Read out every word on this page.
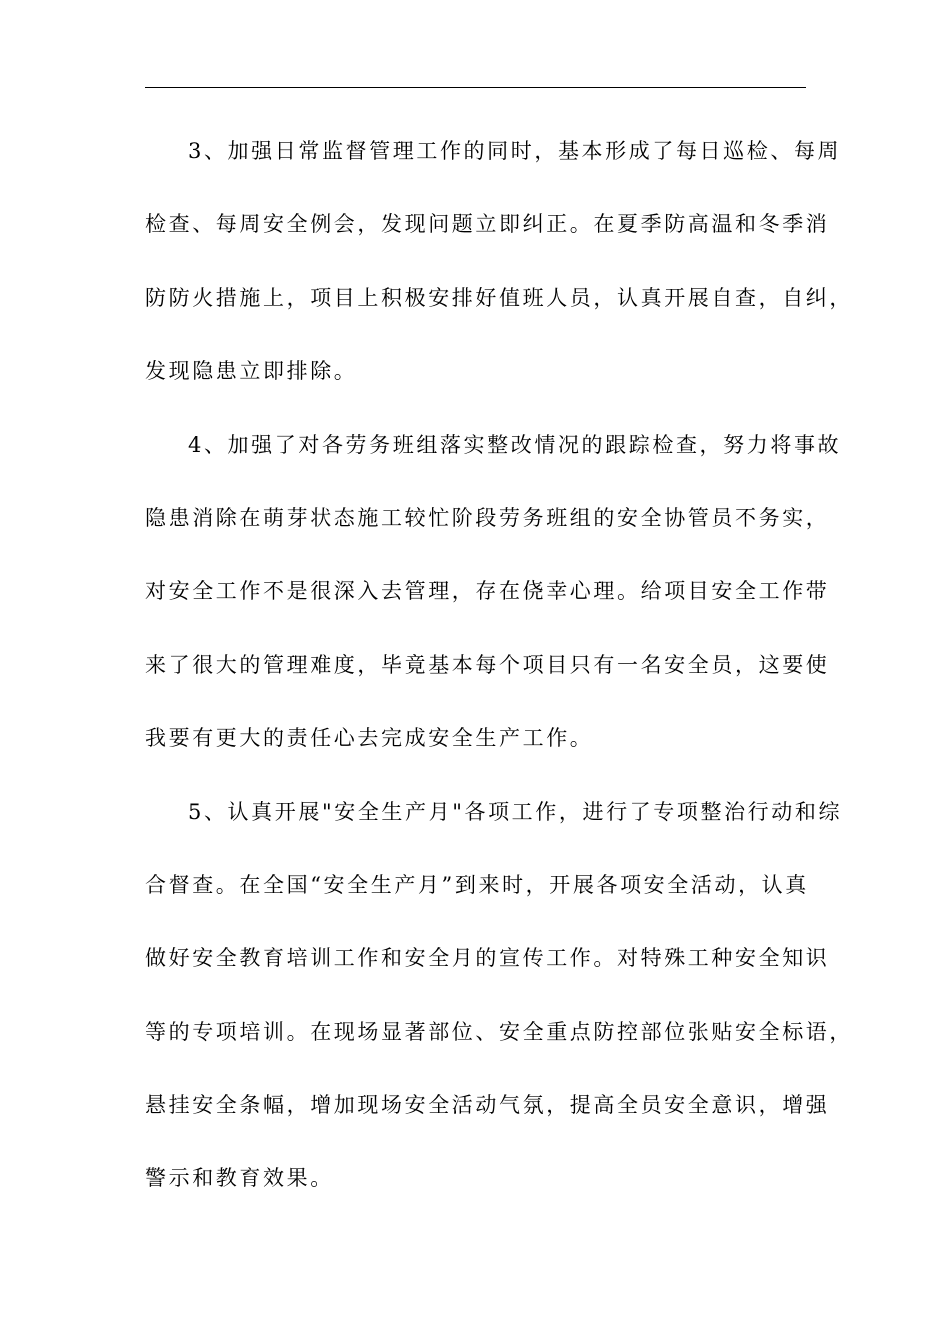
3、加强日常监督管理工作的同时，基本形成了每日巡检、每周
检查、每周安全例会，发现问题立即纠正。在夏季防高温和冬季消
防防火措施上，项目上积极安排好值班人员，认真开展自查，自纠，
发现隐患立即排除。
4、加强了对各劳务班组落实整改情况的跟踪检查，努力将事故
隐患消除在萌芽状态施工较忙阶段劳务班组的安全协管员不务实，
对安全工作不是很深入去管理，存在侥幸心理。给项目安全工作带
来了很大的管理难度，毕竟基本每个项目只有一名安全员，这要使
我要有更大的责任心去完成安全生产工作。
5、认真开展"安全生产月"各项工作，进行了专项整治行动和综
合督查。在全国“安全生产月”到来时，开展各项安全活动，认真
做好安全教育培训工作和安全月的宣传工作。对特殊工种安全知识
等的专项培训。在现场显著部位、安全重点防控部位张贴安全标语，
悬挂安全条幅，增加现场安全活动气氛，提高全员安全意识，增强
警示和教育效果。
